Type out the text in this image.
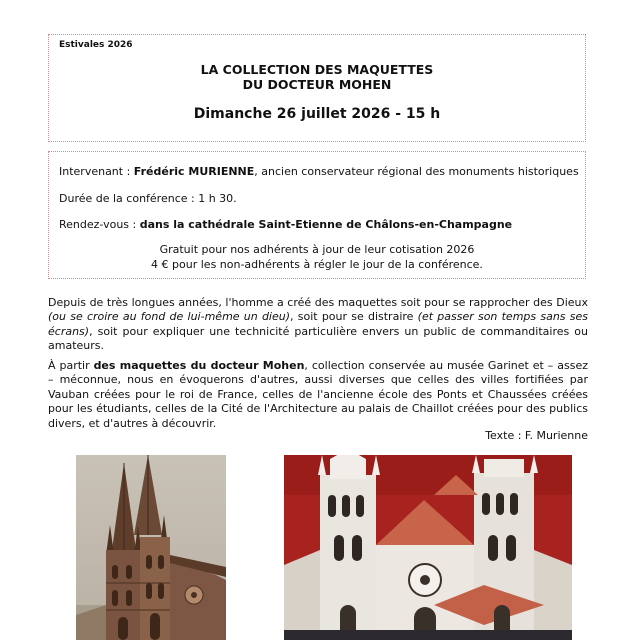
Estivales 2026
LA COLLECTION DES MAQUETTES
DU DOCTEUR MOHEN
Dimanche 26 juillet 2026 - 15 h
Intervenant : Frédéric MURIENNE, ancien conservateur régional des monuments historiques
Durée de la conférence : 1 h 30.
Rendez-vous : dans la cathédrale Saint-Etienne de Châlons-en-Champagne
Gratuit pour nos adhérents à jour de leur cotisation 2026
4 € pour les non-adhérents à régler le jour de la conférence.
Depuis de très longues années, l'homme a créé des maquettes soit pour se rapprocher des Dieux (ou se croire au fond de lui-même un dieu), soit pour se distraire (et passer son temps sans ses écrans), soit pour expliquer une technicité particulière envers un public de commanditaires ou amateurs.
À partir des maquettes du docteur Mohen, collection conservée au musée Garinet et – assez – méconnue, nous en évoquerons d'autres, aussi diverses que celles des villes fortifiées par Vauban créées pour le roi de France, celles de l'ancienne école des Ponts et Chaussées créées pour les étudiants, celles de la Cité de l'Architecture au palais de Chaillot créées pour des publics divers, et d'autres à découvrir.
Texte : F. Murienne
